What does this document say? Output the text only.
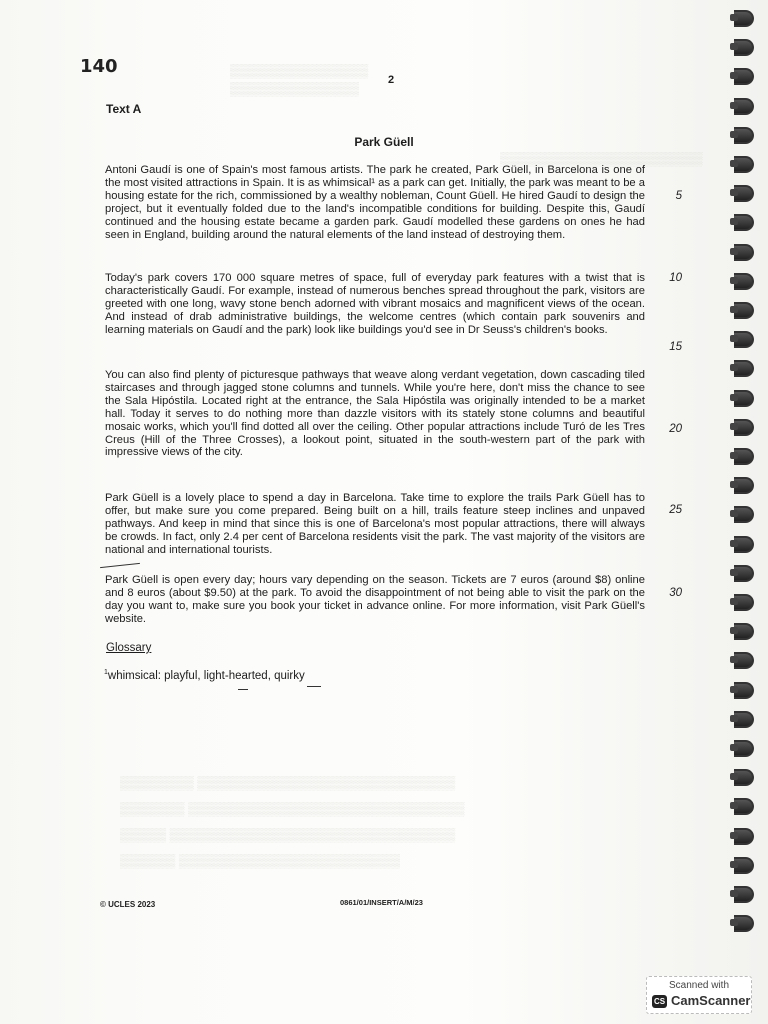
▒▒▒▒▒▒▒▒▒▒▒▒▒▒▒
▒▒▒▒▒▒▒▒▒▒▒▒▒▒
▒▒▒▒▒▒▒▒▒▒▒▒▒▒▒▒▒▒▒▒▒▒
▒▒▒▒▒▒▒▒ ▒▒▒▒▒▒▒▒▒▒▒▒▒▒▒▒▒▒▒▒▒▒▒▒▒▒▒▒
▒▒▒▒▒▒▒ ▒▒▒▒▒▒▒▒▒▒▒▒▒▒▒▒▒▒▒▒▒▒▒▒▒▒▒▒▒▒
▒▒▒▒▒ ▒▒▒▒▒▒▒▒▒▒▒▒▒▒▒▒▒▒▒▒▒▒▒▒▒▒▒▒▒▒▒
▒▒▒▒▒▒ ▒▒▒▒▒▒▒▒▒▒▒▒▒▒▒▒▒▒▒▒▒▒▒▒
140
2
Text A
Park Güell

Antoni Gaudí is one of Spain's most famous artists. The park he created, Park Güell, in Barcelona is one of the most visited attractions in Spain. It is as whimsical¹ as a park can get. Initially, the park was meant to be a housing estate for the rich, commissioned by a wealthy nobleman, Count Güell. He hired Gaudí to design the project, but it eventually folded due to the land's incompatible conditions for building. Despite this, Gaudí continued and the housing estate became a garden park. Gaudí modelled these gardens on ones he had seen in England, building around the natural elements of the land instead of destroying them.

Today's park covers 170 000 square metres of space, full of everyday park features with a twist that is characteristically Gaudí. For example, instead of numerous benches spread throughout the park, visitors are greeted with one long, wavy stone bench adorned with vibrant mosaics and magnificent views of the ocean. And instead of drab administrative buildings, the welcome centres (which contain park souvenirs and learning materials on Gaudí and the park) look like buildings you'd see in Dr Seuss's children's books.

You can also find plenty of picturesque pathways that weave along verdant vegetation, down cascading tiled staircases and through jagged stone columns and tunnels. While you're here, don't miss the chance to see the Sala Hipóstila. Located right at the entrance, the Sala Hipóstila was originally intended to be a market hall. Today it serves to do nothing more than dazzle visitors with its stately stone columns and beautiful mosaic works, which you'll find dotted all over the ceiling. Other popular attractions include Turó de les Tres Creus (Hill of the Three Crosses), a lookout point, situated in the south-western part of the park with impressive views of the city.

Park Güell is a lovely place to spend a day in Barcelona. Take time to explore the trails Park Güell has to offer, but make sure you come prepared. Being built on a hill, trails feature steep inclines and unpaved pathways. And keep in mind that since this is one of Barcelona's most popular attractions, there will always be crowds. In fact, only 2.4 per cent of Barcelona residents visit the park. The vast majority of the visitors are national and international tourists.

Park Güell is open every day; hours vary depending on the season. Tickets are 7 euros (around $8) online and 8 euros (about $9.50) at the park. To avoid the disappointment of not being able to visit the park on the day you want to, make sure you book your ticket in advance online. For more information, visit Park Güell's website.

5
10
15
20
25
30
Glossary
$^1$whimsical: playful, light-hearted, quirky
© UCLES 2023	0861/01/INSERT/A/M/23
Scanned with
CS CamScanner
